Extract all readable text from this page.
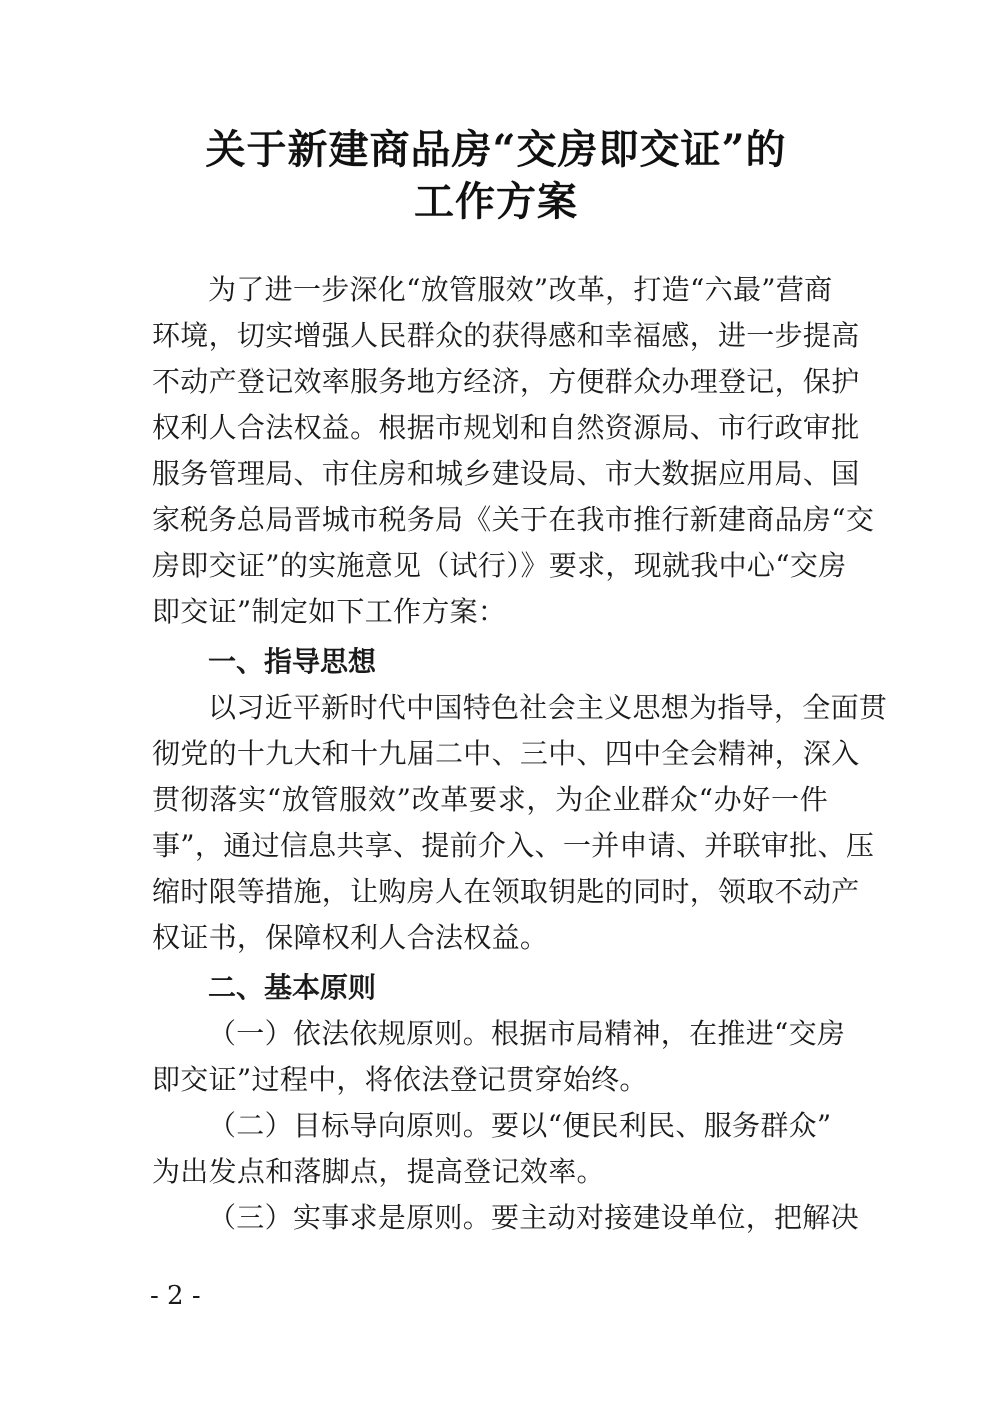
关于新建商品房“交房即交证”的
工作方案
为了进一步深化“放管服效”改革，打造“六最”营商
环境，切实增强人民群众的获得感和幸福感，进一步提高
不动产登记效率服务地方经济，方便群众办理登记，保护
权利人合法权益。根据市规划和自然资源局、市行政审批
服务管理局、市住房和城乡建设局、市大数据应用局、国
家税务总局晋城市税务局《关于在我市推行新建商品房“交
房即交证”的实施意见（试行）》要求，现就我中心“交房
即交证”制定如下工作方案：
一、指导思想
以习近平新时代中国特色社会主义思想为指导，全面贯
彻党的十九大和十九届二中、三中、四中全会精神，深入
贯彻落实“放管服效”改革要求，为企业群众“办好一件
事”，通过信息共享、提前介入、一并申请、并联审批、压
缩时限等措施，让购房人在领取钥匙的同时，领取不动产
权证书，保障权利人合法权益。
二、基本原则
（一）依法依规原则。根据市局精神，在推进“交房
即交证”过程中，将依法登记贯穿始终。
（二）目标导向原则。要以“便民利民、服务群众”
为出发点和落脚点，提高登记效率。
（三）实事求是原则。要主动对接建设单位，把解决
- 2 -
